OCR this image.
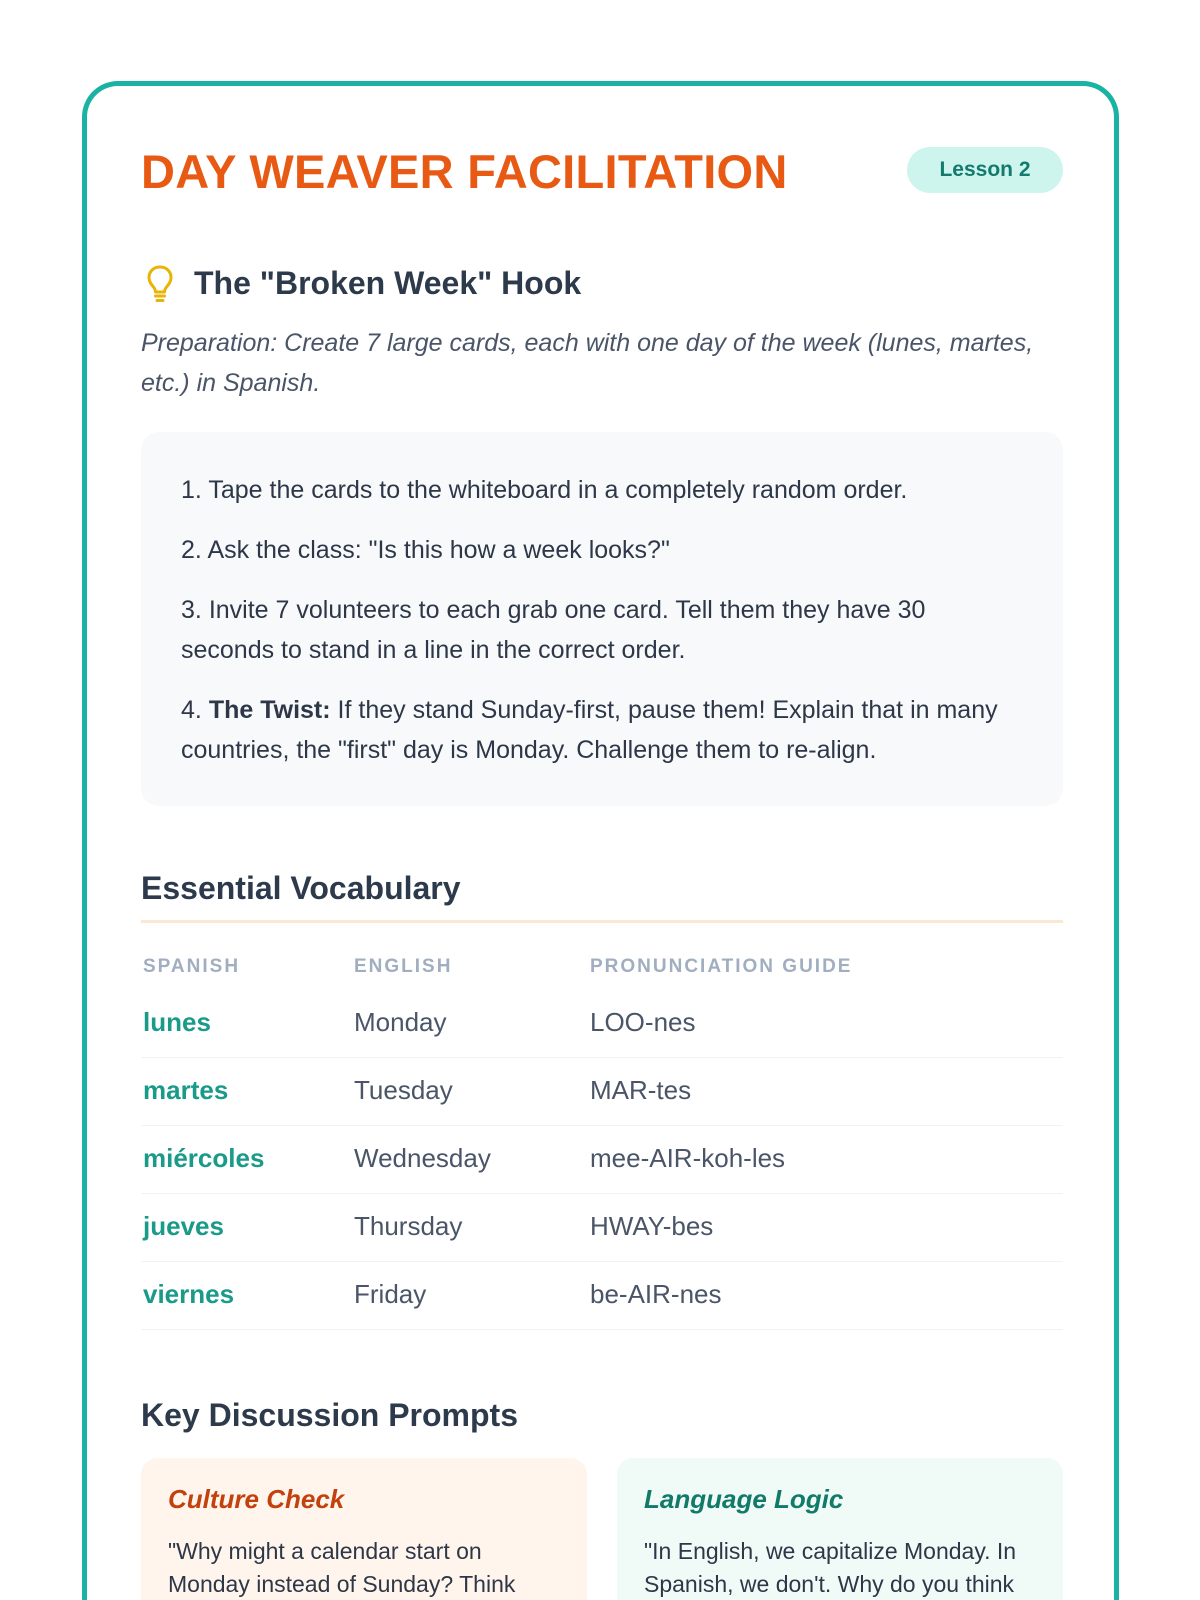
DAY WEAVER FACILITATION	Lesson 2
The "Broken Week" Hook

Preparation: Create 7 large cards, each with one day of the week (lunes, martes, etc.) in Spanish.

1. Tape the cards to the whiteboard in a completely random order.

2. Ask the class: "Is this how a week looks?"

3. Invite 7 volunteers to each grab one card. Tell them they have 30 seconds to stand in a line in the correct order.

4. The Twist: If they stand Sunday-first, pause them! Explain that in many countries, the "first" day is Monday. Challenge them to re-align.

Essential Vocabulary
SPANISH	ENGLISH	PRONUNCIATION GUIDE
lunes	Monday	LOO-nes
martes	Tuesday	MAR-tes
miércoles	Wednesday	mee-AIR-koh-les
jueves	Thursday	HWAY-bes
viernes	Friday	be-AIR-nes
Key Discussion Prompts
Culture Check

"Why might a calendar start on Monday instead of Sunday? Think

Language Logic

"In English, we capitalize Monday. In Spanish, we don't. Why do you think
